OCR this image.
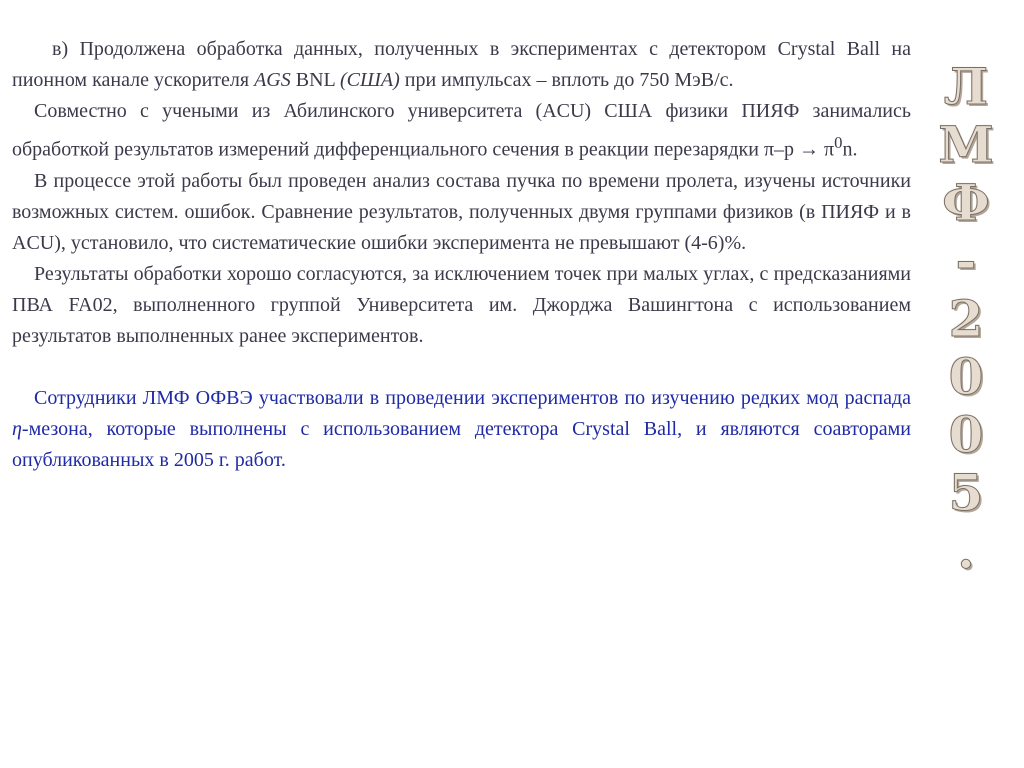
в) Продолжена обработка данных, полученных в экспериментах с детектором Crystal Ball на пионном канале ускорителя AGS BNL (США) при импульсах – вплоть до 750 МэВ/с.

Совместно с учеными из Абилинского университета (ACU) США физики ПИЯФ занимались обработкой результатов измерений дифференциального сечения в реакции перезарядки $\pi-p \to \pi^0n$.

В процессе этой работы был проведен анализ состава пучка по времени пролета, изучены источники возможных систем. ошибок. Сравнение результатов, полученных двумя группами физиков (в ПИЯФ и в ACU), установило, что систематические ошибки эксперимента не превышают (4-6)%.

Результаты обработки хорошо согласуются, за исключением точек при малых углах, с предсказаниями ПВА FA02, выполненного группой Университета им. Джорджа Вашингтона с использованием результатов выполненных ранее экспериментов.

Сотрудники ЛМФ ОФВЭ участвовали в проведении экспериментов по изучению редких мод распада η-мезона, которые выполнены с использованием детектора Crystal Ball, и являются соавторами опубликованных в 2005 г. работ.

Л
М
Ф
-
2
0
0
5
.
